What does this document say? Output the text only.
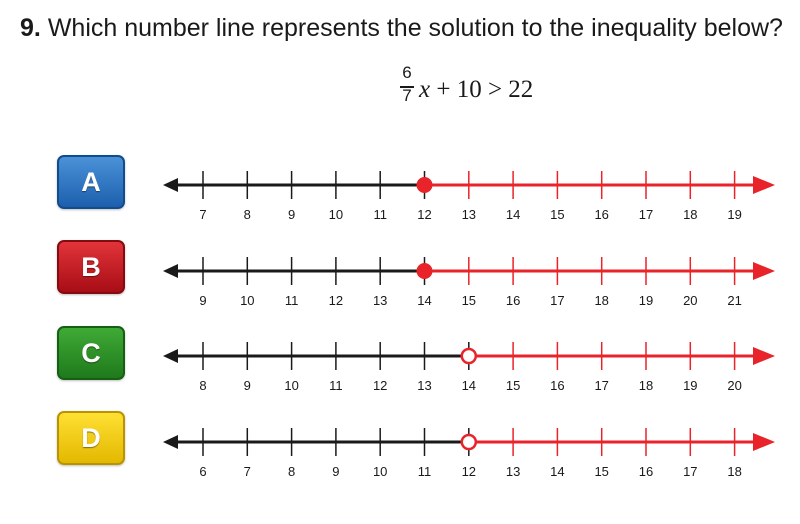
9. Which number line represents the solution to the inequality below?
6
7 x + 10 > 22
A
B
C
D
7	8	9	10 11 12 13 14 15 16 17 18 19
9	10 11 12 13 14 15 16 17 18 19 20 21
8	9	10 11 12 13 14 15 16 17 18 19 20
6	7	8	9	10 11 12 13 14 15 16 17 18
